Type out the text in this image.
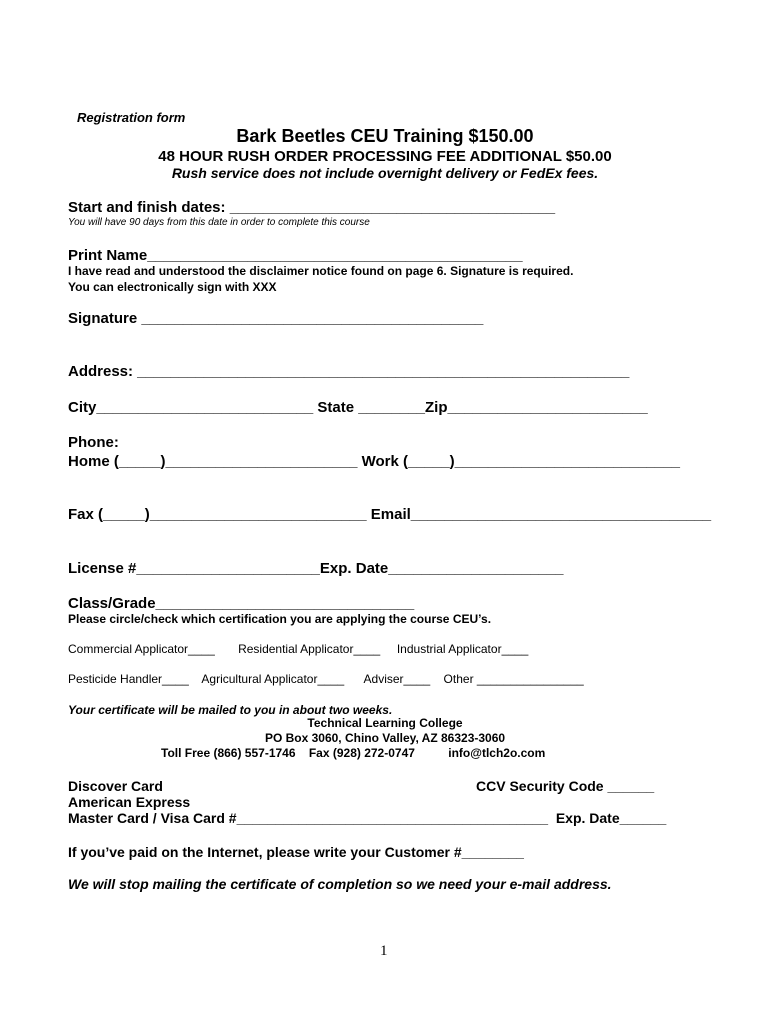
Registration form
Bark Beetles CEU Training $150.00
48 HOUR RUSH ORDER PROCESSING FEE ADDITIONAL $50.00
Rush service does not include overnight delivery or FedEx fees.
Start and finish dates: _______________________________________
You will have 90 days from this date in order to complete this course
Print Name_____________________________________________
I have read and understood the disclaimer notice found on page 6. Signature is required.
You can electronically sign with XXX
Signature _________________________________________
Address: ___________________________________________________________
City__________________________ State ________Zip________________________
Phone:
Home (_____)_______________________ Work (_____)___________________________
Fax (_____)__________________________ Email____________________________________
License #______________________Exp. Date_____________________
Class/Grade_______________________________
Please circle/check which certification you are applying the course CEU’s.
Commercial Applicator____       Residential Applicator____     Industrial Applicator____
Pesticide Handler____    Agricultural Applicator____      Adviser____    Other ________________
Your certificate will be mailed to you in about two weeks.
Technical Learning College
PO Box 3060, Chino Valley, AZ 86323-3060
Toll Free (866) 557-1746    Fax (928) 272-0747          info@tlch2o.com
Discover Card	CCV Security Code ______
American Express
Master Card / Visa Card #________________________________________  Exp. Date______
If you’ve paid on the Internet, please write your Customer #________
We will stop mailing the certificate of completion so we need your e-mail address.
1
